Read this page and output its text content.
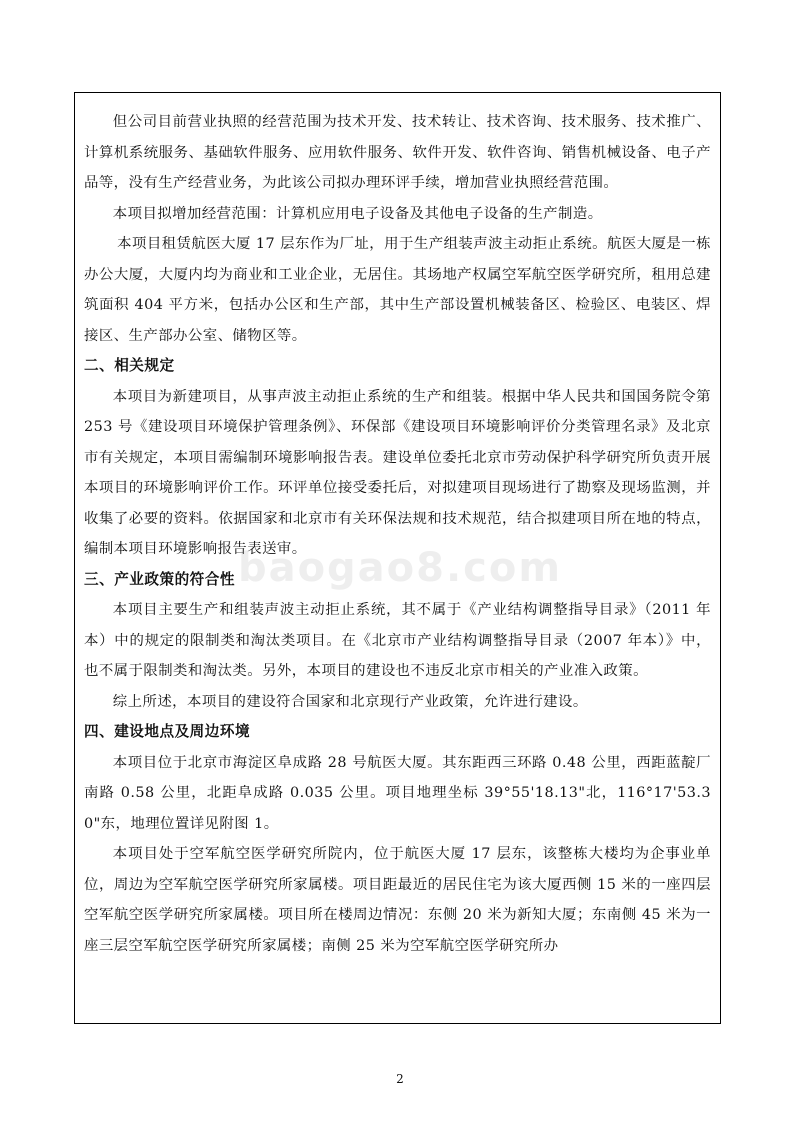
但公司目前营业执照的经营范围为技术开发、技术转让、技术咨询、技术服务、技术推广、计算机系统服务、基础软件服务、应用软件服务、软件开发、软件咨询、销售机械设备、电子产品等，没有生产经营业务，为此该公司拟办理环评手续，增加营业执照经营范围。

本项目拟增加经营范围：计算机应用电子设备及其他电子设备的生产制造。

本项目租赁航医大厦 17 层东作为厂址，用于生产组装声波主动拒止系统。航医大厦是一栋办公大厦，大厦内均为商业和工业企业，无居住。其场地产权属空军航空医学研究所，租用总建筑面积 404 平方米，包括办公区和生产部，其中生产部设置机械装备区、检验区、电装区、焊接区、生产部办公室、储物区等。

二、相关规定

本项目为新建项目，从事声波主动拒止系统的生产和组装。根据中华人民共和国国务院令第 253 号《建设项目环境保护管理条例》、环保部《建设项目环境影响评价分类管理名录》及北京市有关规定，本项目需编制环境影响报告表。建设单位委托北京市劳动保护科学研究所负责开展本项目的环境影响评价工作。环评单位接受委托后，对拟建项目现场进行了勘察及现场监测，并收集了必要的资料。依据国家和北京市有关环保法规和技术规范，结合拟建项目所在地的特点，编制本项目环境影响报告表送审。

三、产业政策的符合性

本项目主要生产和组装声波主动拒止系统，其不属于《产业结构调整指导目录》（2011 年本）中的规定的限制类和淘汰类项目。在《北京市产业结构调整指导目录（2007 年本）》中，也不属于限制类和淘汰类。另外，本项目的建设也不违反北京市相关的产业准入政策。

综上所述，本项目的建设符合国家和北京现行产业政策，允许进行建设。

四、建设地点及周边环境

本项目位于北京市海淀区阜成路 28 号航医大厦。其东距西三环路 0.48 公里，西距蓝靛厂南路 0.58 公里，北距阜成路 0.035 公里。项目地理坐标 39°55'18.13"北，116°17'53.30"东，地理位置详见附图 1。

本项目处于空军航空医学研究所院内，位于航医大厦 17 层东，该整栋大楼均为企事业单位，周边为空军航空医学研究所家属楼。项目距最近的居民住宅为该大厦西侧 15 米的一座四层空军航空医学研究所家属楼。项目所在楼周边情况：东侧 20 米为新知大厦；东南侧 45 米为一座三层空军航空医学研究所家属楼；南侧 25 米为空军航空医学研究所办

baogao8.com
2
